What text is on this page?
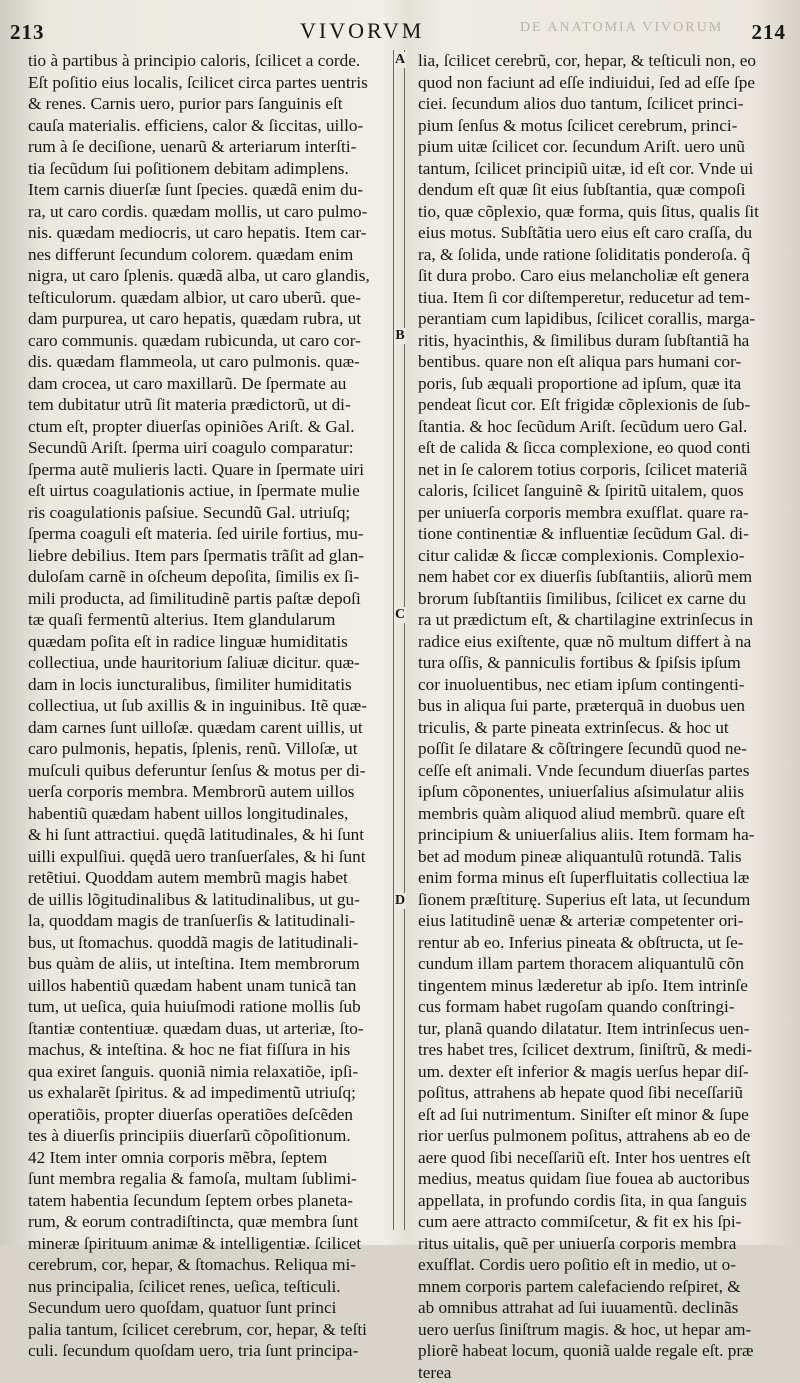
213	VIVORVM	DE ANATOMIA VIVORUM 214
A
B
C
D
tio à partibus à principio caloris, ſcilicet a corde.
Eſt poſitio eius localis, ſcilicet circa partes uentris
& renes. Carnis uero, purior pars ſanguinis eſt
cauſa materialis. efficiens, calor & ſiccitas, uillo-
rum à ſe deciſione, uenarũ & arteriarum interſti-
tia ſecũdum ſui poſitionem debitam adimplens.
Item carnis diuerſæ ſunt ſpecies. quædã enim du-
ra, ut caro cordis. quædam mollis, ut caro pulmo-
nis. quædam mediocris, ut caro hepatis. Item car-
nes differunt ſecundum colorem. quædam enim
nigra, ut caro ſplenis. quædã alba, ut caro glandis,
teſticulorum. quædam albior, ut caro uberũ. que-
dam purpurea, ut caro hepatis, quædam rubra, ut
caro communis. quædam rubicunda, ut caro cor-
dis. quædam flammeola, ut caro pulmonis. quæ-
dam crocea, ut caro maxillarũ. De ſpermate au
tem dubitatur utrũ ſit materia prædictorũ, ut di-
ctum eſt, propter diuerſas opiniões Ariſt. & Gal.
Secundũ Ariſt. ſperma uiri coagulo comparatur:
ſperma autẽ mulieris lacti. Quare in ſpermate uiri
eſt uirtus coagulationis actiue, in ſpermate mulie
ris coagulationis paſsiue. Secundũ Gal. utriuſq;
ſperma coaguli eſt materia. ſed uirile fortius, mu-
liebre debilius. Item pars ſpermatis trãſit ad glan-
duloſam carnẽ in oſcheum depoſita, ſimilis ex ſi-
mili producta, ad ſimilitudinẽ partis paſtæ depoſi
tæ quaſi fermentũ alterius. Item glandularum
quædam poſita eſt in radice linguæ humiditatis
collectiua, unde hauritorium ſaliuæ dicitur. quæ-
dam in locis iuncturalibus, ſimiliter humiditatis
collectiua, ut ſub axillis & in inguinibus. Itẽ quæ-
dam carnes ſunt uilloſæ. quædam carent uillis, ut
caro pulmonis, hepatis, ſplenis, renũ. Villoſæ, ut
muſculi quibus deferuntur ſenſus & motus per di-
uerſa corporis membra. Membrorũ autem uillos
habentiũ quædam habent uillos longitudinales,
& hi ſunt attractiui. quędã latitudinales, & hi ſunt
uilli expulſiui. quędã uero tranſuerſales, & hi ſunt
retẽtiui. Quoddam autem membrũ magis habet
de uillis lõgitudinalibus & latitudinalibus, ut gu-
la, quoddam magis de tranſuerſis & latitudinali-
bus, ut ſtomachus. quoddã magis de latitudinali-
bus quàm de aliis, ut inteſtina. Item membrorum
uillos habentiũ quædam habent unam tunicã tan
tum, ut ueſica, quia huiuſmodi ratione mollis ſub
ſtantiæ contentiuæ. quædam duas, ut arteriæ, ſto-
machus, & inteſtina. & hoc ne fiat fiſſura in his
qua exiret ſanguis. quoniã nimia relaxatiõe, ipſi-
us exhalarẽt ſpiritus. & ad impedimentũ utriuſq;
operatiõis, propter diuerſas operatiões deſcẽden
tes à diuerſis principiis diuerſarũ cõpoſitionum.
42 Item inter omnia corporis mẽbra, ſeptem
ſunt membra regalia & famoſa, multam ſublimi-
tatem habentia ſecundum ſeptem orbes planeta-
rum, & eorum contradiſtincta, quæ membra ſunt
mineræ ſpirituum animæ & intelligentiæ. ſcilicet
cerebrum, cor, hepar, & ſtomachus. Reliqua mi-
nus principalia, ſcilicet renes, ueſica, teſticuli.
Secundum uero quoſdam, quatuor ſunt princi
palia tantum, ſcilicet cerebrum, cor, hepar, & teſti
culi. ſecundum quoſdam uero, tria ſunt principa-
lia, ſcilicet cerebrũ, cor, hepar, & teſticuli non, eo
quod non faciunt ad eſſe indiuidui, ſed ad eſſe ſpe
ciei. ſecundum alios duo tantum, ſcilicet princi-
pium ſenſus & motus ſcilicet cerebrum, princi-
pium uitæ ſcilicet cor. ſecundum Ariſt. uero unũ
tantum, ſcilicet principiũ uitæ, id eſt cor. Vnde ui
dendum eſt quæ ſit eius ſubſtantia, quæ compoſi
tio, quæ cõplexio, quæ forma, quis ſitus, qualis ſit
eius motus. Subſtãtia uero eius eſt caro craſſa, du
ra, & ſolida, unde ratione ſoliditatis ponderoſa. q̃
ſit dura probo. Caro eius melancholiæ eſt genera
tiua. Item ſi cor diſtemperetur, reducetur ad tem-
perantiam cum lapidibus, ſcilicet corallis, marga-
ritis, hyacinthis, & ſimilibus duram ſubſtantiã ha
bentibus. quare non eſt aliqua pars humani cor-
poris, ſub æquali proportione ad ipſum, quæ ita
pendeat ſicut cor. Eſt frigidæ cõplexionis de ſub-
ſtantia. & hoc ſecũdum Ariſt. ſecũdum uero Gal.
eſt de calida & ſicca complexione, eo quod conti
net in ſe calorem totius corporis, ſcilicet materiã
caloris, ſcilicet ſanguinẽ & ſpiritũ uitalem, quos
per uniuerſa corporis membra exuſflat. quare ra-
tione continentiæ & influentiæ ſecũdum Gal. di-
citur calidæ & ſiccæ complexionis. Complexio-
nem habet cor ex diuerſis ſubſtantiis, aliorũ mem
brorum ſubſtantiis ſimilibus, ſcilicet ex carne du
ra ut prædictum eſt, & chartilagine extrinſecus in
radice eius exiſtente, quæ nõ multum differt à na
tura oſſis, & panniculis fortibus & ſpiſsis ipſum
cor inuoluentibus, nec etiam ipſum contingenti-
bus in aliqua ſui parte, præterquã in duobus uen
triculis, & parte pineata extrinſecus. & hoc ut
poſſit ſe dilatare & cõſtringere ſecundũ quod ne-
ceſſe eſt animali. Vnde ſecundum diuerſas partes
ipſum cõponentes, uniuerſalius aſsimulatur aliis
membris quàm aliquod aliud membrũ. quare eſt
principium & uniuerſalius aliis. Item formam ha-
bet ad modum pineæ aliquantulũ rotundã. Talis
enim forma minus eſt ſuperfluitatis collectiua læ
ſionem præſtiturę. Superius eſt lata, ut ſecundum
eius latitudinẽ uenæ & arteriæ competenter ori-
rentur ab eo. Inferius pineata & obſtructa, ut ſe-
cundum illam partem thoracem aliquantulũ cõn
tingentem minus læderetur ab ipſo. Item intrinſe
cus formam habet rugoſam quando conſtringi-
tur, planã quando dilatatur. Item intrinſecus uen-
tres habet tres, ſcilicet dextrum, ſiniſtrũ, & medi-
um. dexter eſt inferior & magis uerſus hepar diſ-
poſitus, attrahens ab hepate quod ſibi neceſſariũ
eſt ad ſui nutrimentum. Siniſter eſt minor & ſupe
rior uerſus pulmonem poſitus, attrahens ab eo de
aere quod ſibi neceſſariũ eſt. Inter hos uentres eſt
medius, meatus quidam ſiue fouea ab auctoribus
appellata, in profundo cordis ſita, in qua ſanguis
cum aere attracto commiſcetur, & fit ex his ſpi-
ritus uitalis, quẽ per uniuerſa corporis membra
exuſflat. Cordis uero poſitio eſt in medio, ut o-
mnem corporis partem calefaciendo reſpiret, &
ab omnibus attrahat ad ſui iuuamentũ. declinãs
uero uerſus ſiniſtrum magis. & hoc, ut hepar am-
pliorẽ habeat locum, quoniã ualde regale eſt. præ
terea
